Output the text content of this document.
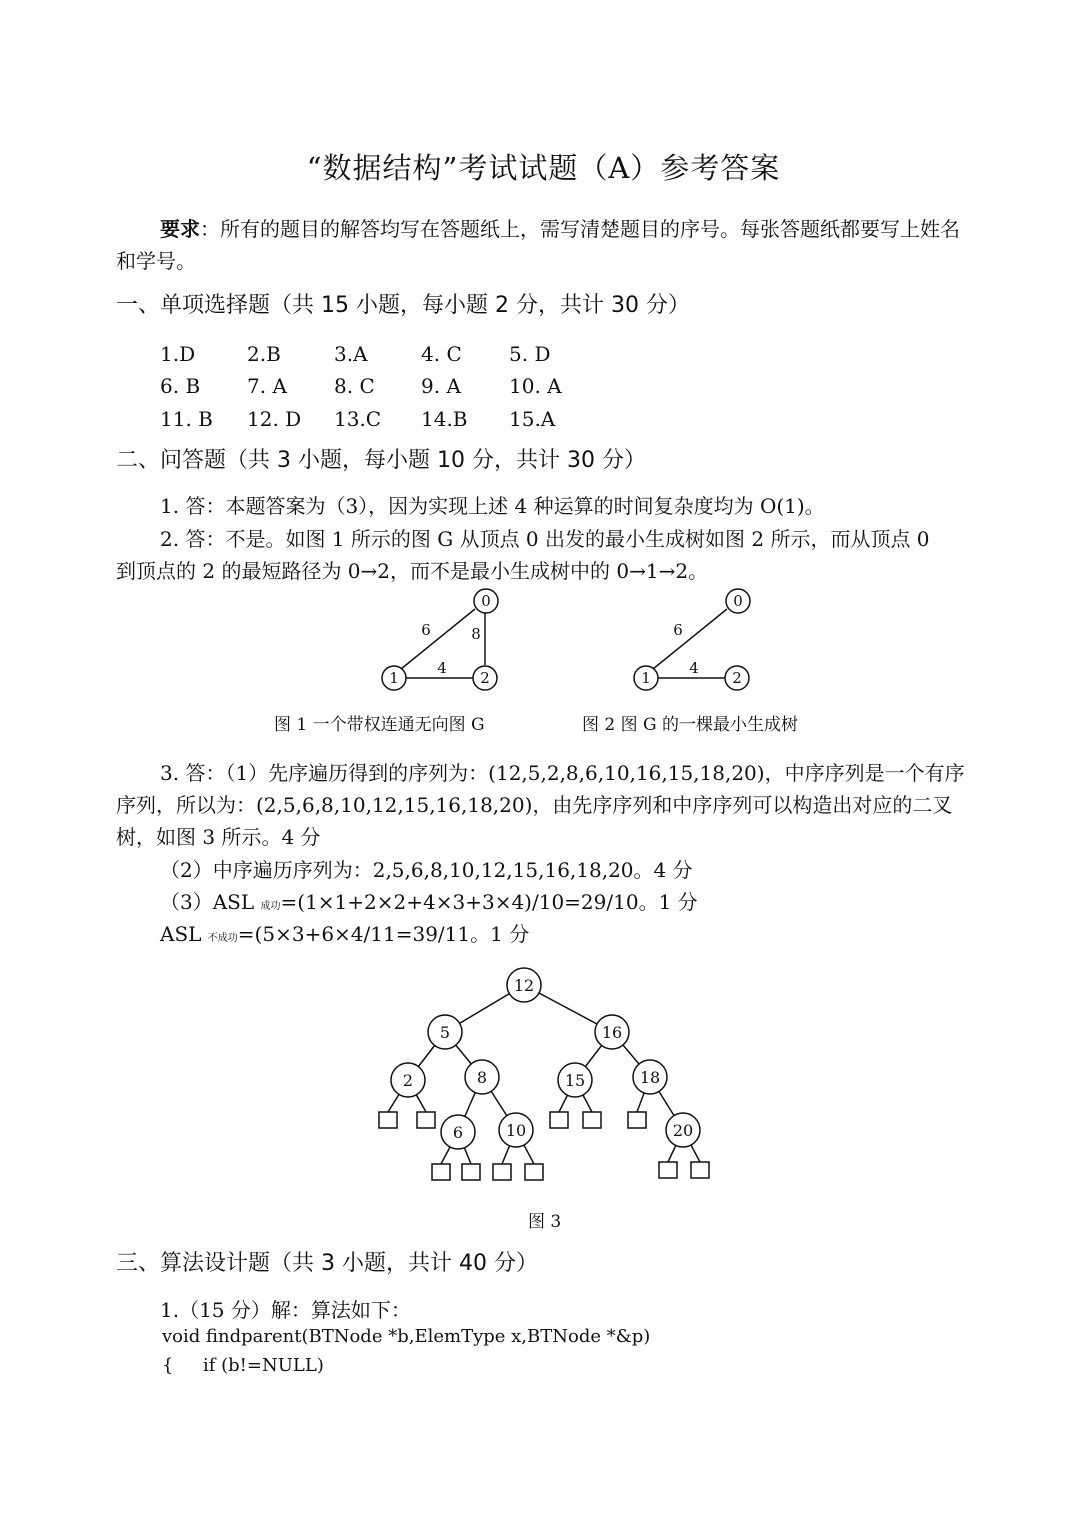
“数据结构”考试试题（A）参考答案
要求：所有的题目的解答均写在答题纸上，需写清楚题目的序号。每张答题纸都要写上姓名和学号。
一、单项选择题（共 15 小题，每小题 2 分，共计 30 分）
1.D	2.B	3.A	4. C 5. D
6. B 7. A 8. C 9. A 10. A
11. B 12. D 13.C 14.B 15.A
二、问答题（共 3 小题，每小题 10 分，共计 30 分）
1. 答：本题答案为（3），因为实现上述 4 种运算的时间复杂度均为 O(1)。
2. 答：不是。如图 1 所示的图 G 从顶点 0 出发的最小生成树如图 2 所示，而从顶点 0
到顶点的 2 的最短路径为 0→2，而不是最小生成树中的 0→1→2。
0
1	2
6	8
4
0
1	2
6
4
图 1 一个带权连通无向图 G	图 2 图 G 的一棵最小生成树
3. 答：（1）先序遍历得到的序列为：(12,5,2,8,6,10,16,15,18,20)，中序序列是一个有序
序列，所以为：(2,5,6,8,10,12,15,16,18,20)，由先序序列和中序序列可以构造出对应的二叉
树，如图 3 所示。4 分
（2）中序遍历序列为：2,5,6,8,10,12,15,16,18,20。4 分
（3）ASL 成功=(1×1+2×2+4×3+3×4)/10=29/10。1 分
ASL 不成功=(5×3+6×4/11=39/11。1 分
12
5	16
2	8	15	18
6	10	20
图 3
三、算法设计题（共 3 小题，共计 40 分）
1.（15 分）解：算法如下：
void findparent(BTNode *b,ElemType x,BTNode *&p)
{ if (b!=NULL)
